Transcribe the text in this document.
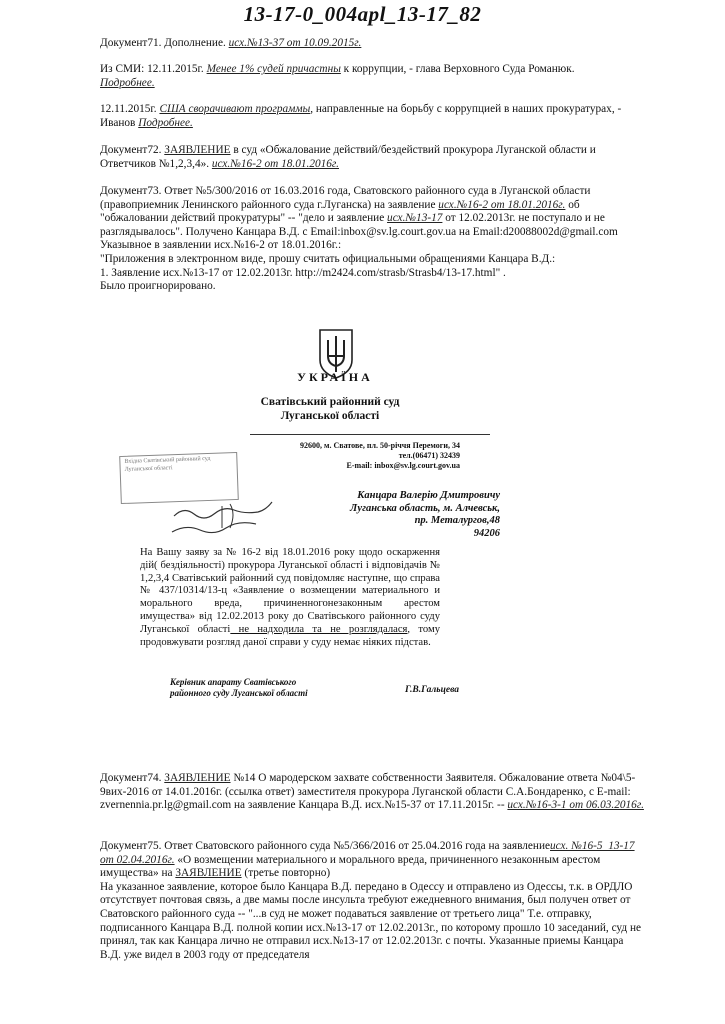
13-17-0_004apl_13-17_82
Документ71. Дополнение. исх.№13-37 от 10.09.2015г.
Из СМИ: 12.11.2015г. Менее 1% судей причастны к коррупции, - глава Верховного Суда Романюк.
Подробнее.
12.11.2015г. США сворачивают программы, направленные на борьбу с коррупцией в наших прокуратурах, - Иванов Подробнее.
Документ72. ЗАЯВЛЕНИЕ в суд «Обжалование действий/бездействий прокурора Луганской области и Ответчиков №1,2,3,4». исх.№16-2 от 18.01.2016г.
Документ73. Ответ №5/300/2016 от 16.03.2016 года, Сватовского районного суда в Луганской области (правоприемник Ленинского районного суда г.Луганска) на заявление исх.№16-2 от 18.01.2016г. об "обжаловании действий прокуратуры" -- "дело и заявление исх.№13-17 от 12.02.2013г. не поступало и не разглядывалось". Получено Канцара В.Д. с Email:inbox@sv.lg.court.gov.ua на Email:d20088002d@gmail.com
Указывное в заявлении исх.№16-2 от 18.01.2016г.:
"Приложения в электронном виде, прошу считать официальными обращениями Канцара В.Д.:
1. Заявление исх.№13-17 от 12.02.2013г. http://m2424.com/strasb/Strasb4/13-17.html" .
Было проигнорировано.
УКРАЇНА
Сватівський районний суд
Луганської області
92600, м. Сватове, пл. 50-річчя Перемоги, 34
тел.(06471) 32439
E-mail: inbox@sv.lg.court.gov.ua
Вхідна Сватівський районний суд Луганської області
Канцара Валерію Дмитровичу
Луганська область, м. Алчевськ,
пр. Металургов,48
94206
На Вашу заяву за № 16-2 від 18.01.2016 року щодо оскарження дій( бездіяльності) прокурора Луганської області і відповідачів № 1,2,3,4 Сватівський районний суд повідомляє наступне, що справа № 437/10314/13-ц «Заявление о возмещении материального и морального вреда, причиненногонезаконным арестом имущества» від 12.02.2013 року до Сватівського районного суду Луганської області не надходила та не розглядалася, тому продовжувати розгляд даної справи у суду немає ніяких підстав.
Керівник апарату Сватівського
районного суду Луганської області	Г.В.Гальцева
Документ74. ЗАЯВЛЕНИЕ №14 О мародерском захвате собственности Заявителя. Обжалование ответа №04\5-9вих-2016 от 14.01.2016г. (ссылка ответ) заместителя прокурора Луганской области С.А.Бондаренко, с E-mail: zvernennia.pr.lg@gmail.com на заявление Канцара В.Д. исх.№15-37 от 17.11.2015г. -- исх.№16-3-1 от 06.03.2016г.
Документ75. Ответ Сватовского районного суда №5/366/2016 от 25.04.2016 года на заявлениеисх. №16-5_13-17 от 02.04.2016г. «О возмещении материального и морального вреда, причиненного незаконным арестом имущества» на ЗАЯВЛЕНИЕ (третье повторно)
На указанное заявление, которое было Канцара В.Д. передано в Одессу и отправлено из Одессы, т.к. в ОРДЛО отсутствует почтовая связь, а две мамы после инсульта требуют ежедневного внимания, был получен ответ от Сватовского районного суда -- "...в суд не может подаваться заявление от третьего лица" Т.е. отправку, подписанного Канцара В.Д. полной копии исх.№13-17 от 12.02.2013г., по которому прошло 10 заседаний, суд не принял, так как Канцара лично не отправил исх.№13-17 от 12.02.2013г. с почты. Указанные приемы Канцара В.Д. уже видел в 2003 году от председателя
